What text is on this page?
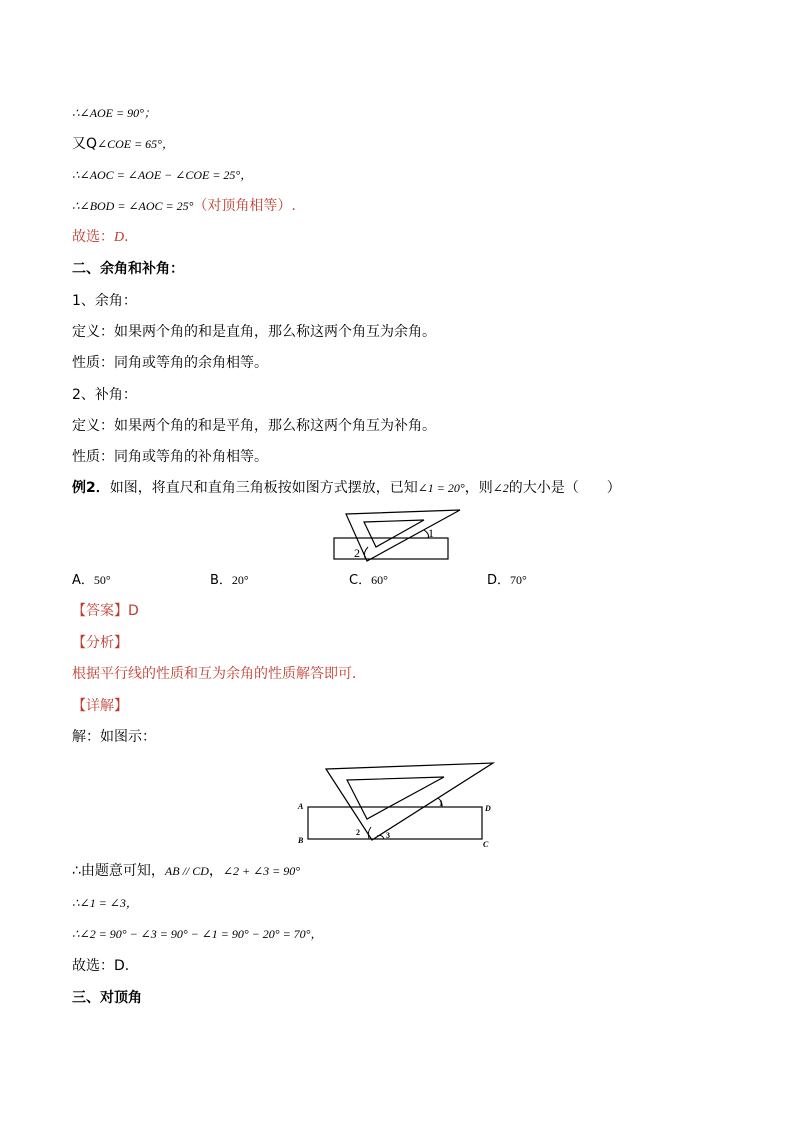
∴∠AOE = 90°；
又Q∠COE = 65°，
∴∠AOC = ∠AOE − ∠COE = 25°，
∴∠BOD = ∠AOC = 25°（对顶角相等）.
故选：D.
二、余角和补角：
1、余角：
定义：如果两个角的和是直角，那么称这两个角互为余角。
性质：同角或等角的余角相等。
2、补角：
定义：如果两个角的和是平角，那么称这两个角互为补角。
性质：同角或等角的补角相等。
例2．如图，将直尺和直角三角板按如图方式摆放，已知∠1 = 20°，则∠2的大小是（　　）
1
2
A．50°	B．20°	C．60°	D．70°
【答案】D
【分析】
根据平行线的性质和互为余角的性质解答即可．
【详解】
解：如图示：
A
B	C
D
1
2	3
∴由题意可知，AB // CD，∠2 + ∠3 = 90°
∴∠1 = ∠3，
∴∠2 = 90° − ∠3 = 90° − ∠1 = 90° − 20° = 70°，
故选：D．
三、对顶角
